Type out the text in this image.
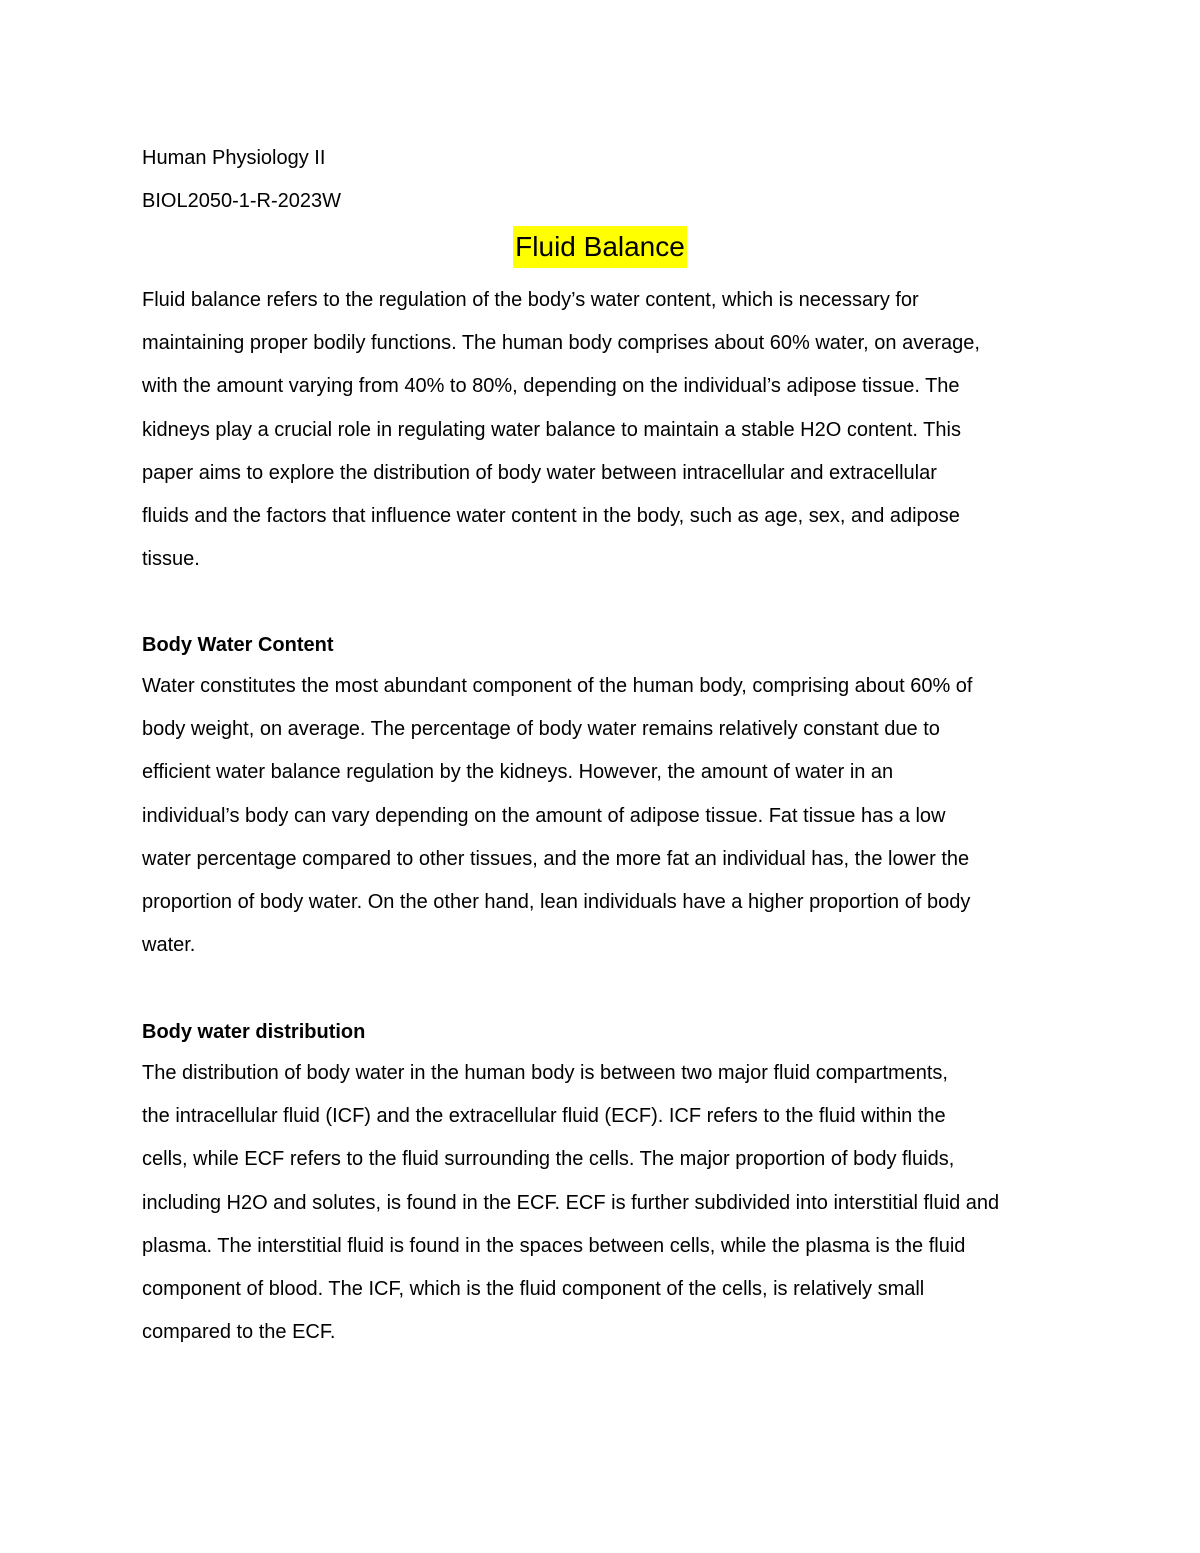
Human Physiology II
BIOL2050-1-R-2023W
Fluid Balance

Fluid balance refers to the regulation of the body’s water content, which is necessary for
maintaining proper bodily functions. The human body comprises about 60% water, on average,
with the amount varying from 40% to 80%, depending on the individual’s adipose tissue. The
kidneys play a crucial role in regulating water balance to maintain a stable H2O content. This
paper aims to explore the distribution of body water between intracellular and extracellular
fluids and the factors that influence water content in the body, such as age, sex, and adipose
tissue.

Body Water Content

Water constitutes the most abundant component of the human body, comprising about 60% of
body weight, on average. The percentage of body water remains relatively constant due to
efficient water balance regulation by the kidneys. However, the amount of water in an
individual’s body can vary depending on the amount of adipose tissue. Fat tissue has a low
water percentage compared to other tissues, and the more fat an individual has, the lower the
proportion of body water. On the other hand, lean individuals have a higher proportion of body
water.

Body water distribution

The distribution of body water in the human body is between two major fluid compartments,
the intracellular fluid (ICF) and the extracellular fluid (ECF). ICF refers to the fluid within the
cells, while ECF refers to the fluid surrounding the cells. The major proportion of body fluids,
including H2O and solutes, is found in the ECF. ECF is further subdivided into interstitial fluid and
plasma. The interstitial fluid is found in the spaces between cells, while the plasma is the fluid
component of blood. The ICF, which is the fluid component of the cells, is relatively small
compared to the ECF.
